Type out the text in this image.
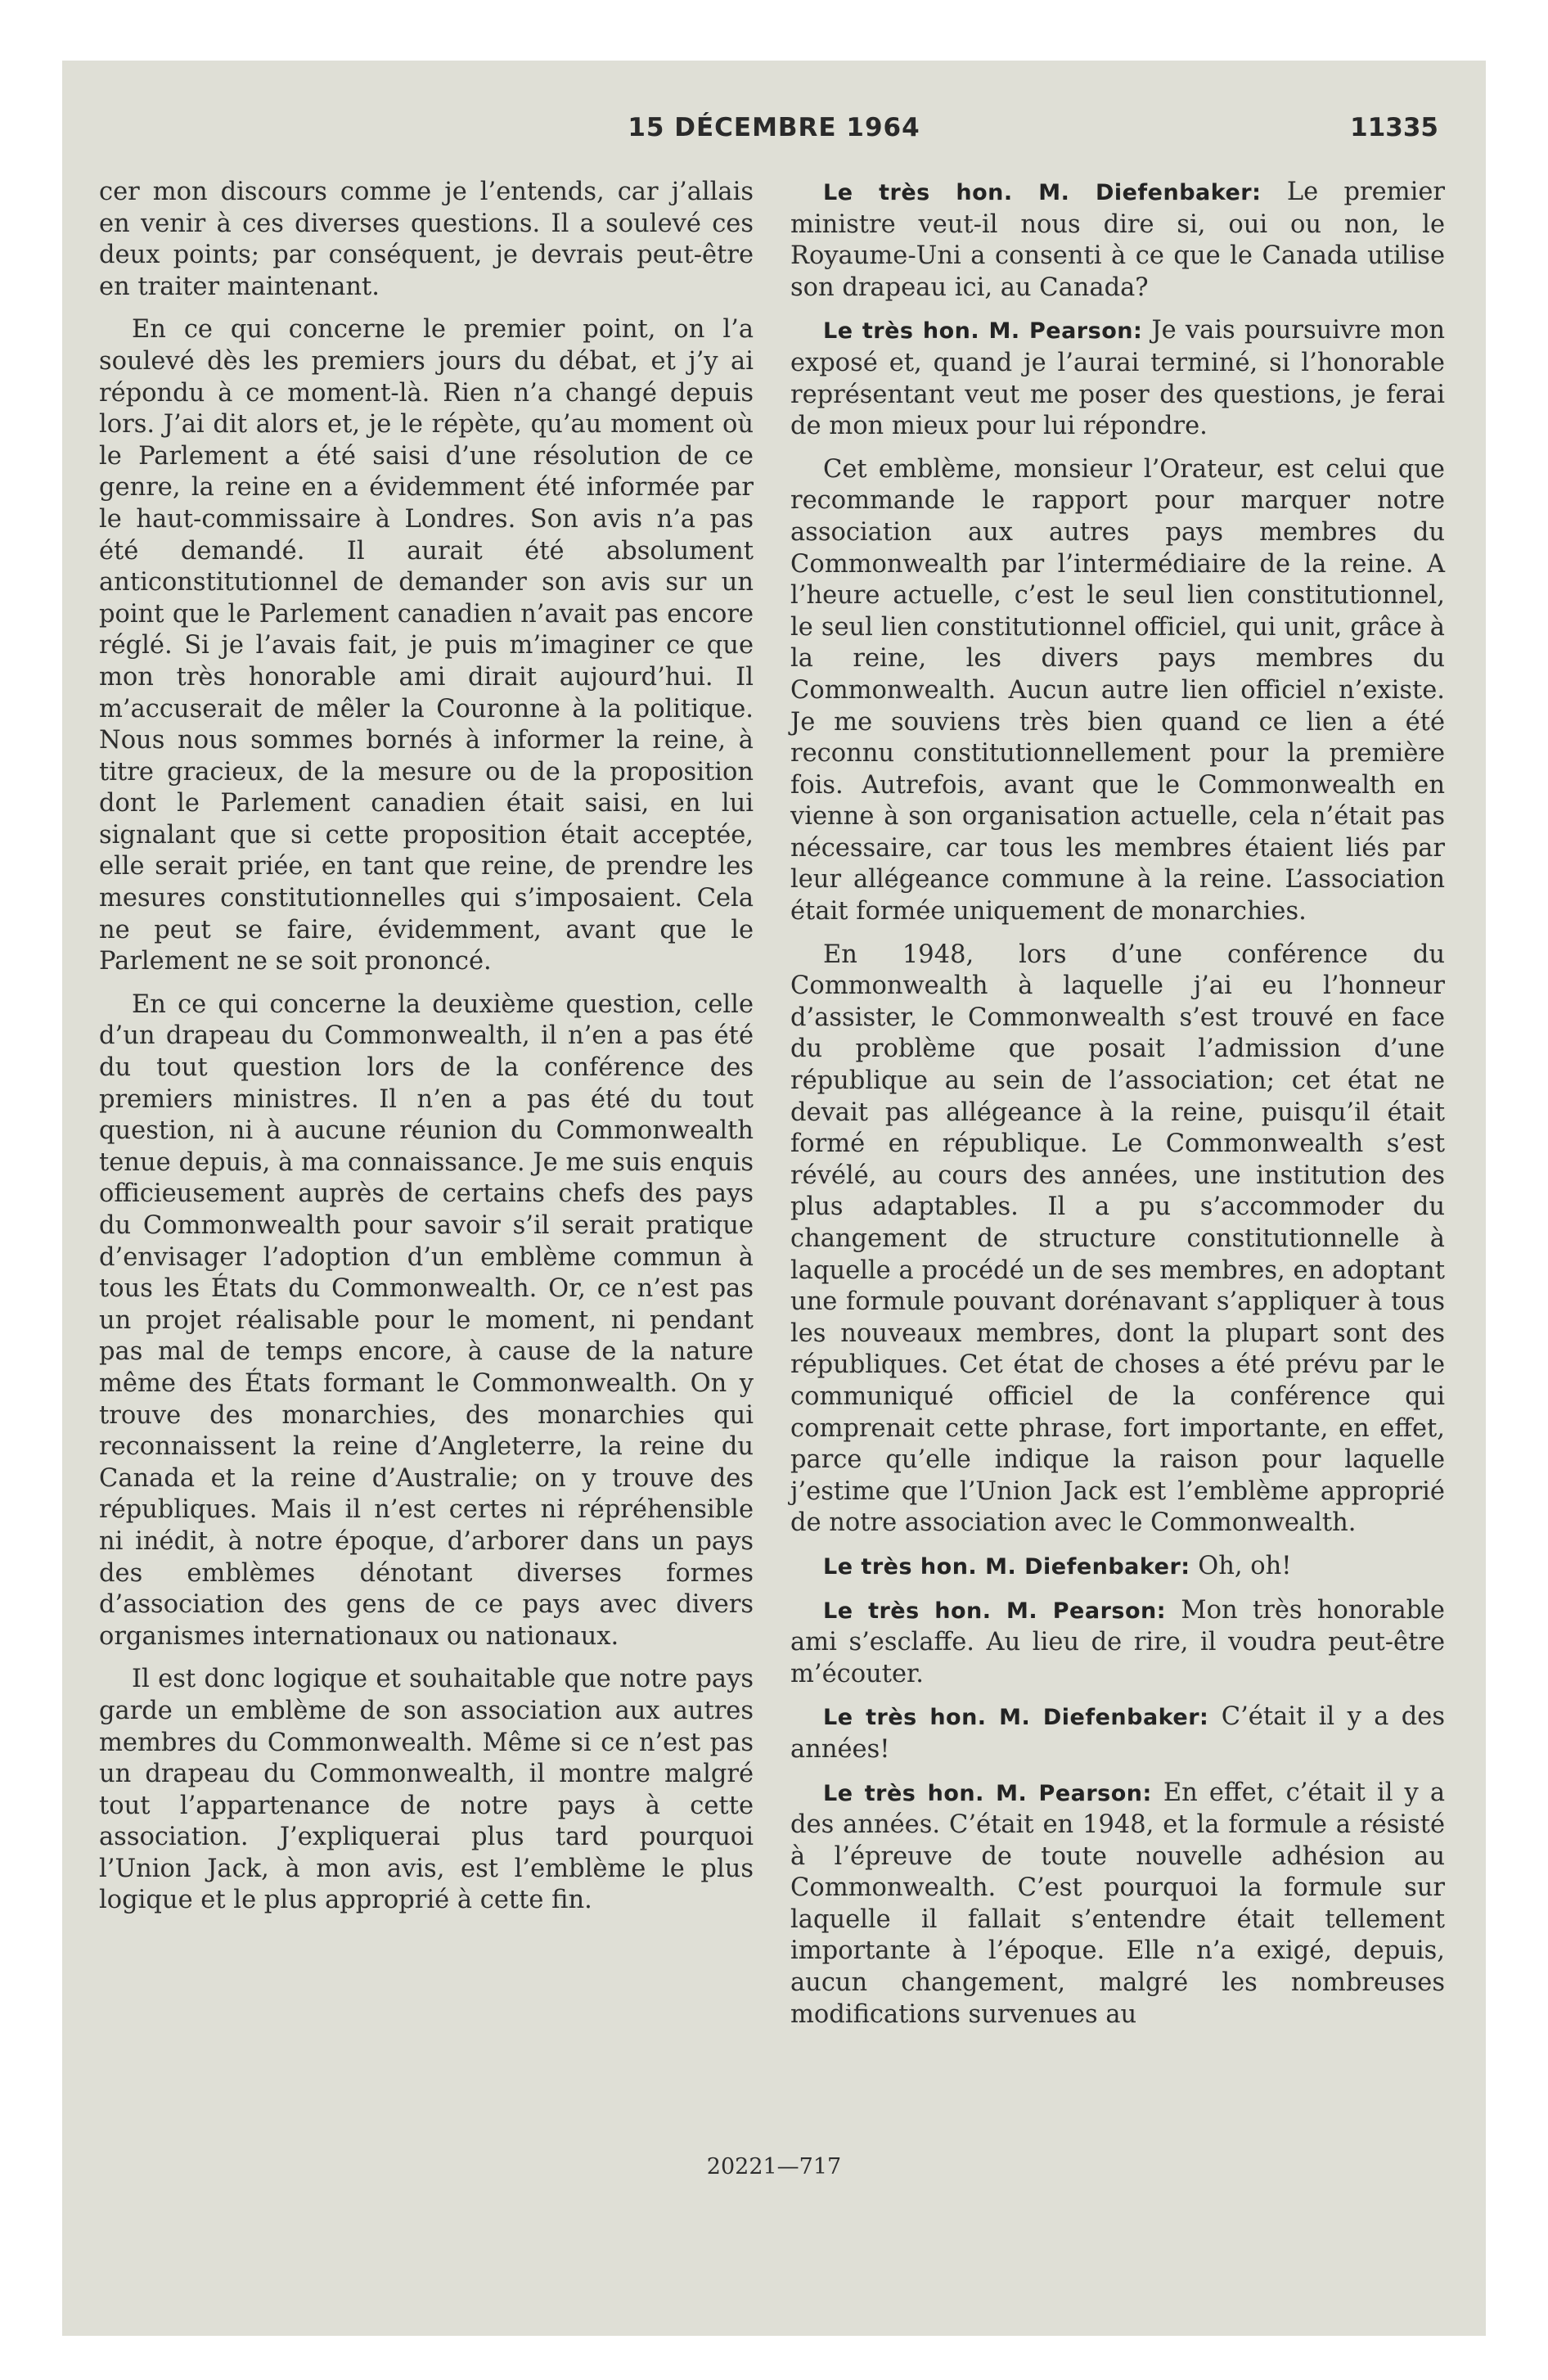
15 DÉCEMBRE 1964	11335

cer mon discours comme je l’entends, car j’allais en venir à ces diverses questions. Il a soulevé ces deux points; par conséquent, je devrais peut-être en traiter maintenant.

En ce qui concerne le premier point, on l’a soulevé dès les premiers jours du débat, et j’y ai répondu à ce moment-là. Rien n’a changé depuis lors. J’ai dit alors et, je le répète, qu’au moment où le Parlement a été saisi d’une résolution de ce genre, la reine en a évidemment été informée par le haut-commissaire à Londres. Son avis n’a pas été demandé. Il aurait été absolument anticonstitutionnel de demander son avis sur un point que le Parlement canadien n’avait pas encore réglé. Si je l’avais fait, je puis m’imaginer ce que mon très honorable ami dirait aujourd’hui. Il m’accuserait de mêler la Couronne à la politique. Nous nous sommes bornés à informer la reine, à titre gracieux, de la mesure ou de la proposition dont le Parlement canadien était saisi, en lui signalant que si cette proposition était acceptée, elle serait priée, en tant que reine, de prendre les mesures constitutionnelles qui s’imposaient. Cela ne peut se faire, évidemment, avant que le Parlement ne se soit prononcé.

En ce qui concerne la deuxième question, celle d’un drapeau du Commonwealth, il n’en a pas été du tout question lors de la conférence des premiers ministres. Il n’en a pas été du tout question, ni à aucune réunion du Commonwealth tenue depuis, à ma connaissance. Je me suis enquis officieusement auprès de certains chefs des pays du Commonwealth pour savoir s’il serait pratique d’envisager l’adoption d’un emblème commun à tous les États du Commonwealth. Or, ce n’est pas un projet réalisable pour le moment, ni pendant pas mal de temps encore, à cause de la nature même des États formant le Commonwealth. On y trouve des monarchies, des monarchies qui reconnaissent la reine d’Angleterre, la reine du Canada et la reine d’Australie; on y trouve des républiques. Mais il n’est certes ni répréhensible ni inédit, à notre époque, d’arborer dans un pays des emblèmes dénotant diverses formes d’association des gens de ce pays avec divers organismes internationaux ou nationaux.

Il est donc logique et souhaitable que notre pays garde un emblème de son association aux autres membres du Commonwealth. Même si ce n’est pas un drapeau du Commonwealth, il montre malgré tout l’appartenance de notre pays à cette association. J’expliquerai plus tard pourquoi l’Union Jack, à mon avis, est l’emblème le plus logique et le plus approprié à cette fin.

Le très hon. M. Diefenbaker: Le premier ministre veut-il nous dire si, oui ou non, le Royaume-Uni a consenti à ce que le Canada utilise son drapeau ici, au Canada?

Le très hon. M. Pearson: Je vais poursuivre mon exposé et, quand je l’aurai terminé, si l’honorable représentant veut me poser des questions, je ferai de mon mieux pour lui répondre.

Cet emblème, monsieur l’Orateur, est celui que recommande le rapport pour marquer notre association aux autres pays membres du Commonwealth par l’intermédiaire de la reine. A l’heure actuelle, c’est le seul lien constitutionnel, le seul lien constitutionnel officiel, qui unit, grâce à la reine, les divers pays membres du Commonwealth. Aucun autre lien officiel n’existe. Je me souviens très bien quand ce lien a été reconnu constitutionnellement pour la première fois. Autrefois, avant que le Commonwealth en vienne à son organisation actuelle, cela n’était pas nécessaire, car tous les membres étaient liés par leur allégeance commune à la reine. L’association était formée uniquement de monarchies.

En 1948, lors d’une conférence du Commonwealth à laquelle j’ai eu l’honneur d’assister, le Commonwealth s’est trouvé en face du problème que posait l’admission d’une république au sein de l’association; cet état ne devait pas allégeance à la reine, puisqu’il était formé en république. Le Commonwealth s’est révélé, au cours des années, une institution des plus adaptables. Il a pu s’accommoder du changement de structure constitutionnelle à laquelle a procédé un de ses membres, en adoptant une formule pouvant dorénavant s’appliquer à tous les nouveaux membres, dont la plupart sont des républiques. Cet état de choses a été prévu par le communiqué officiel de la conférence qui comprenait cette phrase, fort importante, en effet, parce qu’elle indique la raison pour laquelle j’estime que l’Union Jack est l’emblème approprié de notre association avec le Commonwealth.

Le très hon. M. Diefenbaker: Oh, oh!

Le très hon. M. Pearson: Mon très honorable ami s’esclaffe. Au lieu de rire, il voudra peut-être m’écouter.

Le très hon. M. Diefenbaker: C’était il y a des années!

Le très hon. M. Pearson: En effet, c’était il y a des années. C’était en 1948, et la formule a résisté à l’épreuve de toute nouvelle adhésion au Commonwealth. C’est pourquoi la formule sur laquelle il fallait s’entendre était tellement importante à l’époque. Elle n’a exigé, depuis, aucun changement, malgré les nombreuses modifications survenues au

20221—717
